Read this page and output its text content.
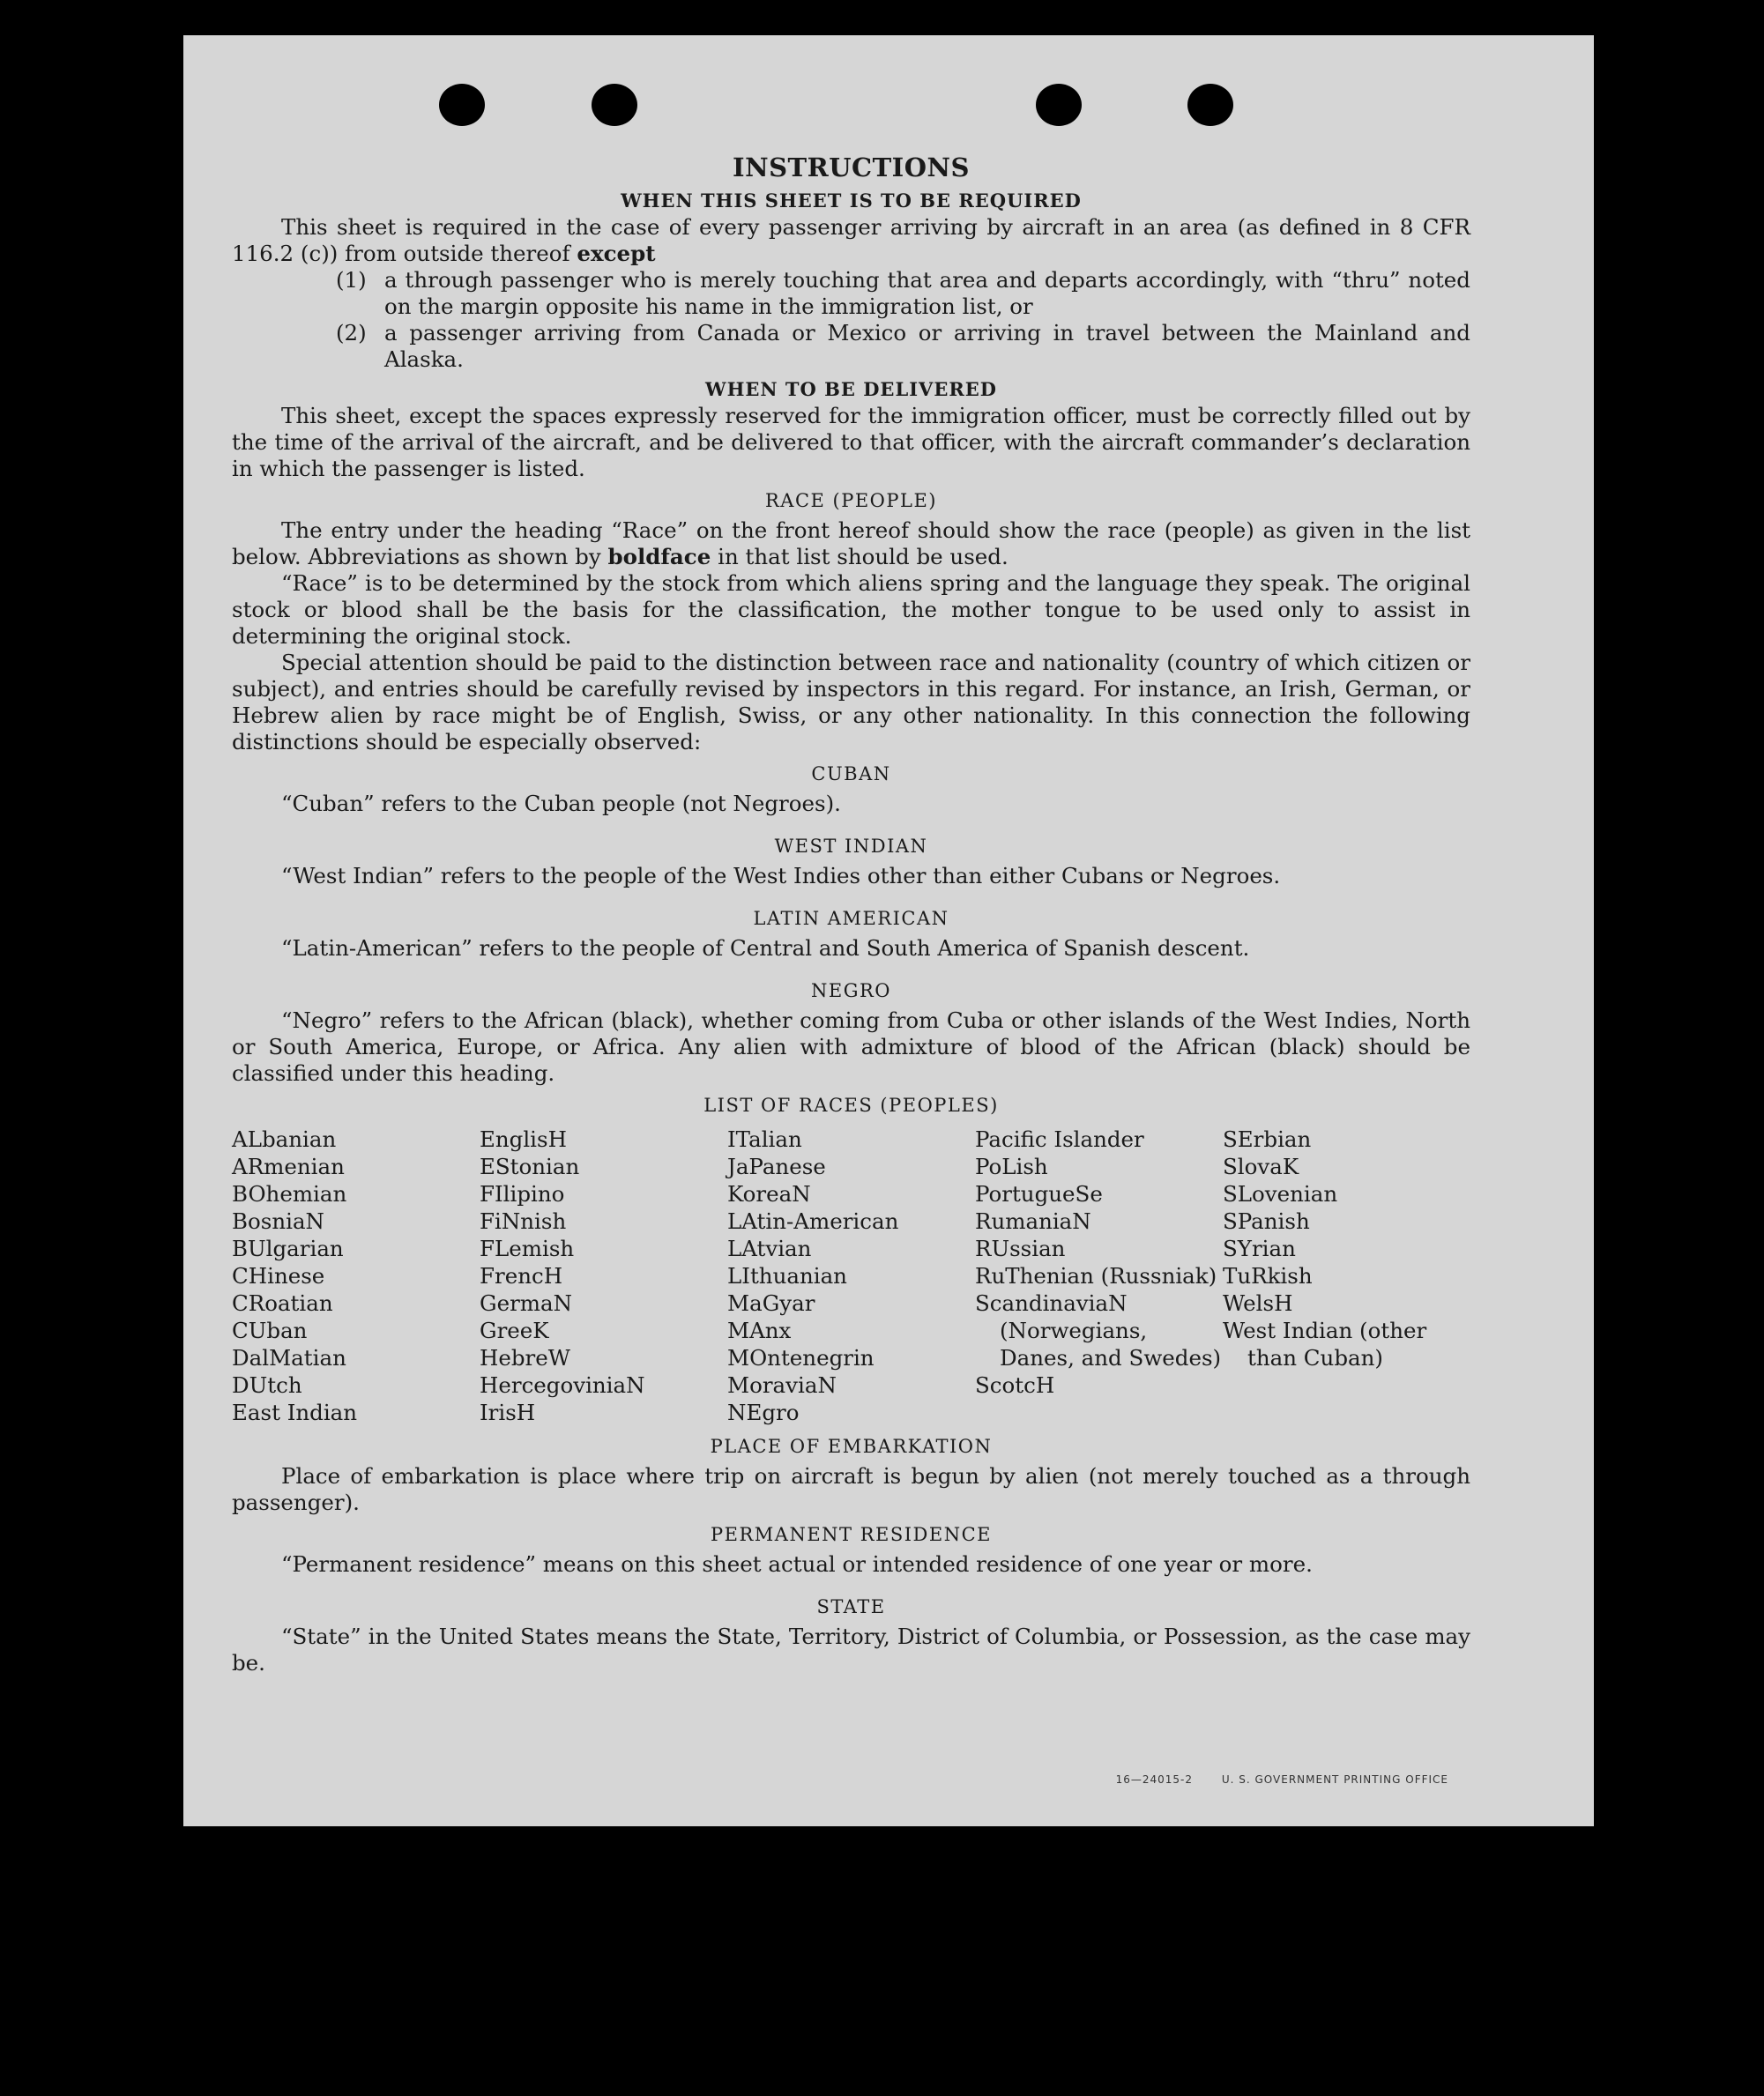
INSTRUCTIONS
WHEN THIS SHEET IS TO BE REQUIRED

This sheet is required in the case of every passenger arriving by aircraft in an area (as defined in 8 CFR 116.2 (c)) from outside thereof except

(1) a through passenger who is merely touching that area and departs accordingly, with “thru” noted on the margin opposite his name in the immigration list, or
(2) a passenger arriving from Canada or Mexico or arriving in travel between the Mainland and Alaska.
WHEN TO BE DELIVERED

This sheet, except the spaces expressly reserved for the immigration officer, must be correctly filled out by the time of the arrival of the aircraft, and be delivered to that officer, with the aircraft commander’s declaration in which the passenger is listed.

RACE (PEOPLE)

The entry under the heading “Race” on the front hereof should show the race (people) as given in the list below. Abbreviations as shown by boldface in that list should be used.

“Race” is to be determined by the stock from which aliens spring and the language they speak. The original stock or blood shall be the basis for the classification, the mother tongue to be used only to assist in determining the original stock.

Special attention should be paid to the distinction between race and nationality (country of which citizen or subject), and entries should be carefully revised by inspectors in this regard. For instance, an Irish, German, or Hebrew alien by race might be of English, Swiss, or any other nationality. In this connection the following distinctions should be especially observed:

CUBAN

“Cuban” refers to the Cuban people (not Negroes).

WEST INDIAN

“West Indian” refers to the people of the West Indies other than either Cubans or Negroes.

LATIN AMERICAN

“Latin-American” refers to the people of Central and South America of Spanish descent.

NEGRO

“Negro” refers to the African (black), whether coming from Cuba or other islands of the West Indies, North or South America, Europe, or Africa. Any alien with admixture of blood of the African (black) should be classified under this heading.

LIST OF RACES (PEOPLES)
ALbanian
ARmenian
BOhemian
BosniaN
BUlgarian
CHinese
CRoatian
CUban
DalMatian
DUtch
East Indian
EnglisH
EStonian
FIlipino
FiNnish
FLemish
FrencH
GermaN
GreeK
HebreW
HercegoviniaN
IrisH
ITalian
JaPanese
KoreaN
LAtin-American
LAtvian
LIthuanian
MaGyar
MAnx
MOntenegrin
MoraviaN
NEgro
Pacific Islander
PoLish
PortugueSe
RumaniaN
RUssian
RuThenian (Russniak)
ScandinaviaN (Norwegians, Danes, and Swedes)
ScotcH
SErbian
SlovaK
SLovenian
SPanish
SYrian
TuRkish
WelsH
West Indian (other than Cuban)
PLACE OF EMBARKATION

Place of embarkation is place where trip on aircraft is begun by alien (not merely touched as a through passenger).

PERMANENT RESIDENCE

“Permanent residence” means on this sheet actual or intended residence of one year or more.

STATE

“State” in the United States means the State, Territory, District of Columbia, or Possession, as the case may be.

16—24015-2	U. S. GOVERNMENT PRINTING OFFICE
